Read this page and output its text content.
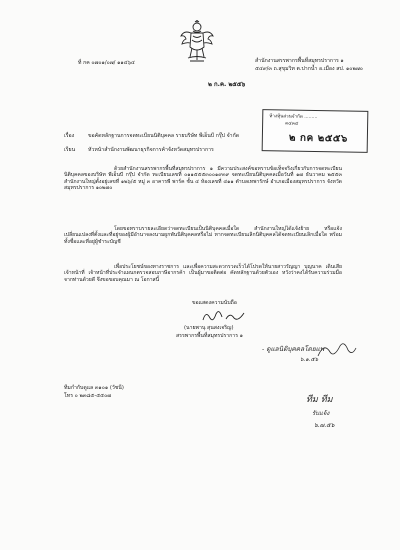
ที่ กค ๐๗๐๑/๐๗/ ๑๑๔๖๔	สำนักงานสรรพากรพื้นที่สมุทรปราการ ๑
๕๔๙/๓ ถ.สุขุมวิท ต.ปากน้ำ อ.เมือง สป. ๑๐๒๗๐
๒ ก.ค. ๒๕๕๖
ห้างหุ้นส่วนจำกัด .........
๓๔๓๔
๒ กค ๒๕๕๖
เรื่อง	ขอคัดหลักฐานการจดทะเบียนนิติบุคคล รายบริษัท พีเอ็นบี กรุ๊ป จำกัด
เรียน หัวหน้าสำนักงานพัฒนาธุรกิจการค้าจังหวัดสมุทรปราการ
ด้วยสำนักงานสรรพากรพื้นที่สมุทรปราการ ๑ มีความประสงค์ขอทราบข้อเท็จจริงเกี่ยวกับการจดทะเบียนนิติบุคคลของบริษัท พีเอ็นบี กรุ๊ป จำกัด ทะเบียนเลขที่ ๐๑๑๕๕๕๓๐๐๑๙๓๙ จดทะเบียนนิติบุคคลเมื่อวันที่ ๑๗ ธันวาคม ๒๕๕๓ สำนักงานใหญ่ตั้งอยู่เลขที่ ๑๒๖/๕ หมู่ ๓ อาคารพี พาร์ค ชั้น ๔ ห้องเลขที่ ๔๑๑ ตำบลเทพารักษ์ อำเภอเมืองสมุทรปราการ จังหวัดสมุทรปราการ ๑๐๒๗๐
โดยขอทราบรายละเอียดว่าจดทะเบียนเป็นนิติบุคคลเมื่อใด สำนักงานใหญ่ได้แจ้งย้าย หรือแจ้งเปลี่ยนแปลงที่ตั้งและที่อยู่ของผู้มีอำนาจลงนามผูกพันนิติบุคคลหรือไม่ หากจดทะเบียนเลิกนิติบุคคลได้จดทะเบียนเลิกเมื่อใด พร้อมทั้งชื่อและที่อยู่ผู้ชำระบัญชี
เพื่อประโยชน์ของทางราชการ และเพื่อความสะดวกรวดเร็วได้โปรดให้นายสาวรัญญา บุญนาค เดินเสียเจ้าหน้าที่ เจ้าหน้าที่ประจำแผนกตรวจสอบภาษีอากรค้า เป็นผู้มาขอติดต่อ คัดหลักฐานด้วยตัวเอง หวังว่าคงได้รับความร่วมมือจากท่านด้วยดี จึงขอขอบคุณมา ณ โอกาสนี้
ขอแสดงความนับถือ
(นายพานุ สุนสงเจริญ)
สรรพากรพื้นที่สมุทรปราการ ๑
- ดูแลนิติบุคคลโดยแพ
๖.๑.๕๖
ทีมกำกับดูแล ๓๑๐๑ (วัชนี)
โทร ๐ ๒๓๘๕-๕๕๐๗	ทีม ทีม
รับแจ้ง
๖.๗.๕๖
